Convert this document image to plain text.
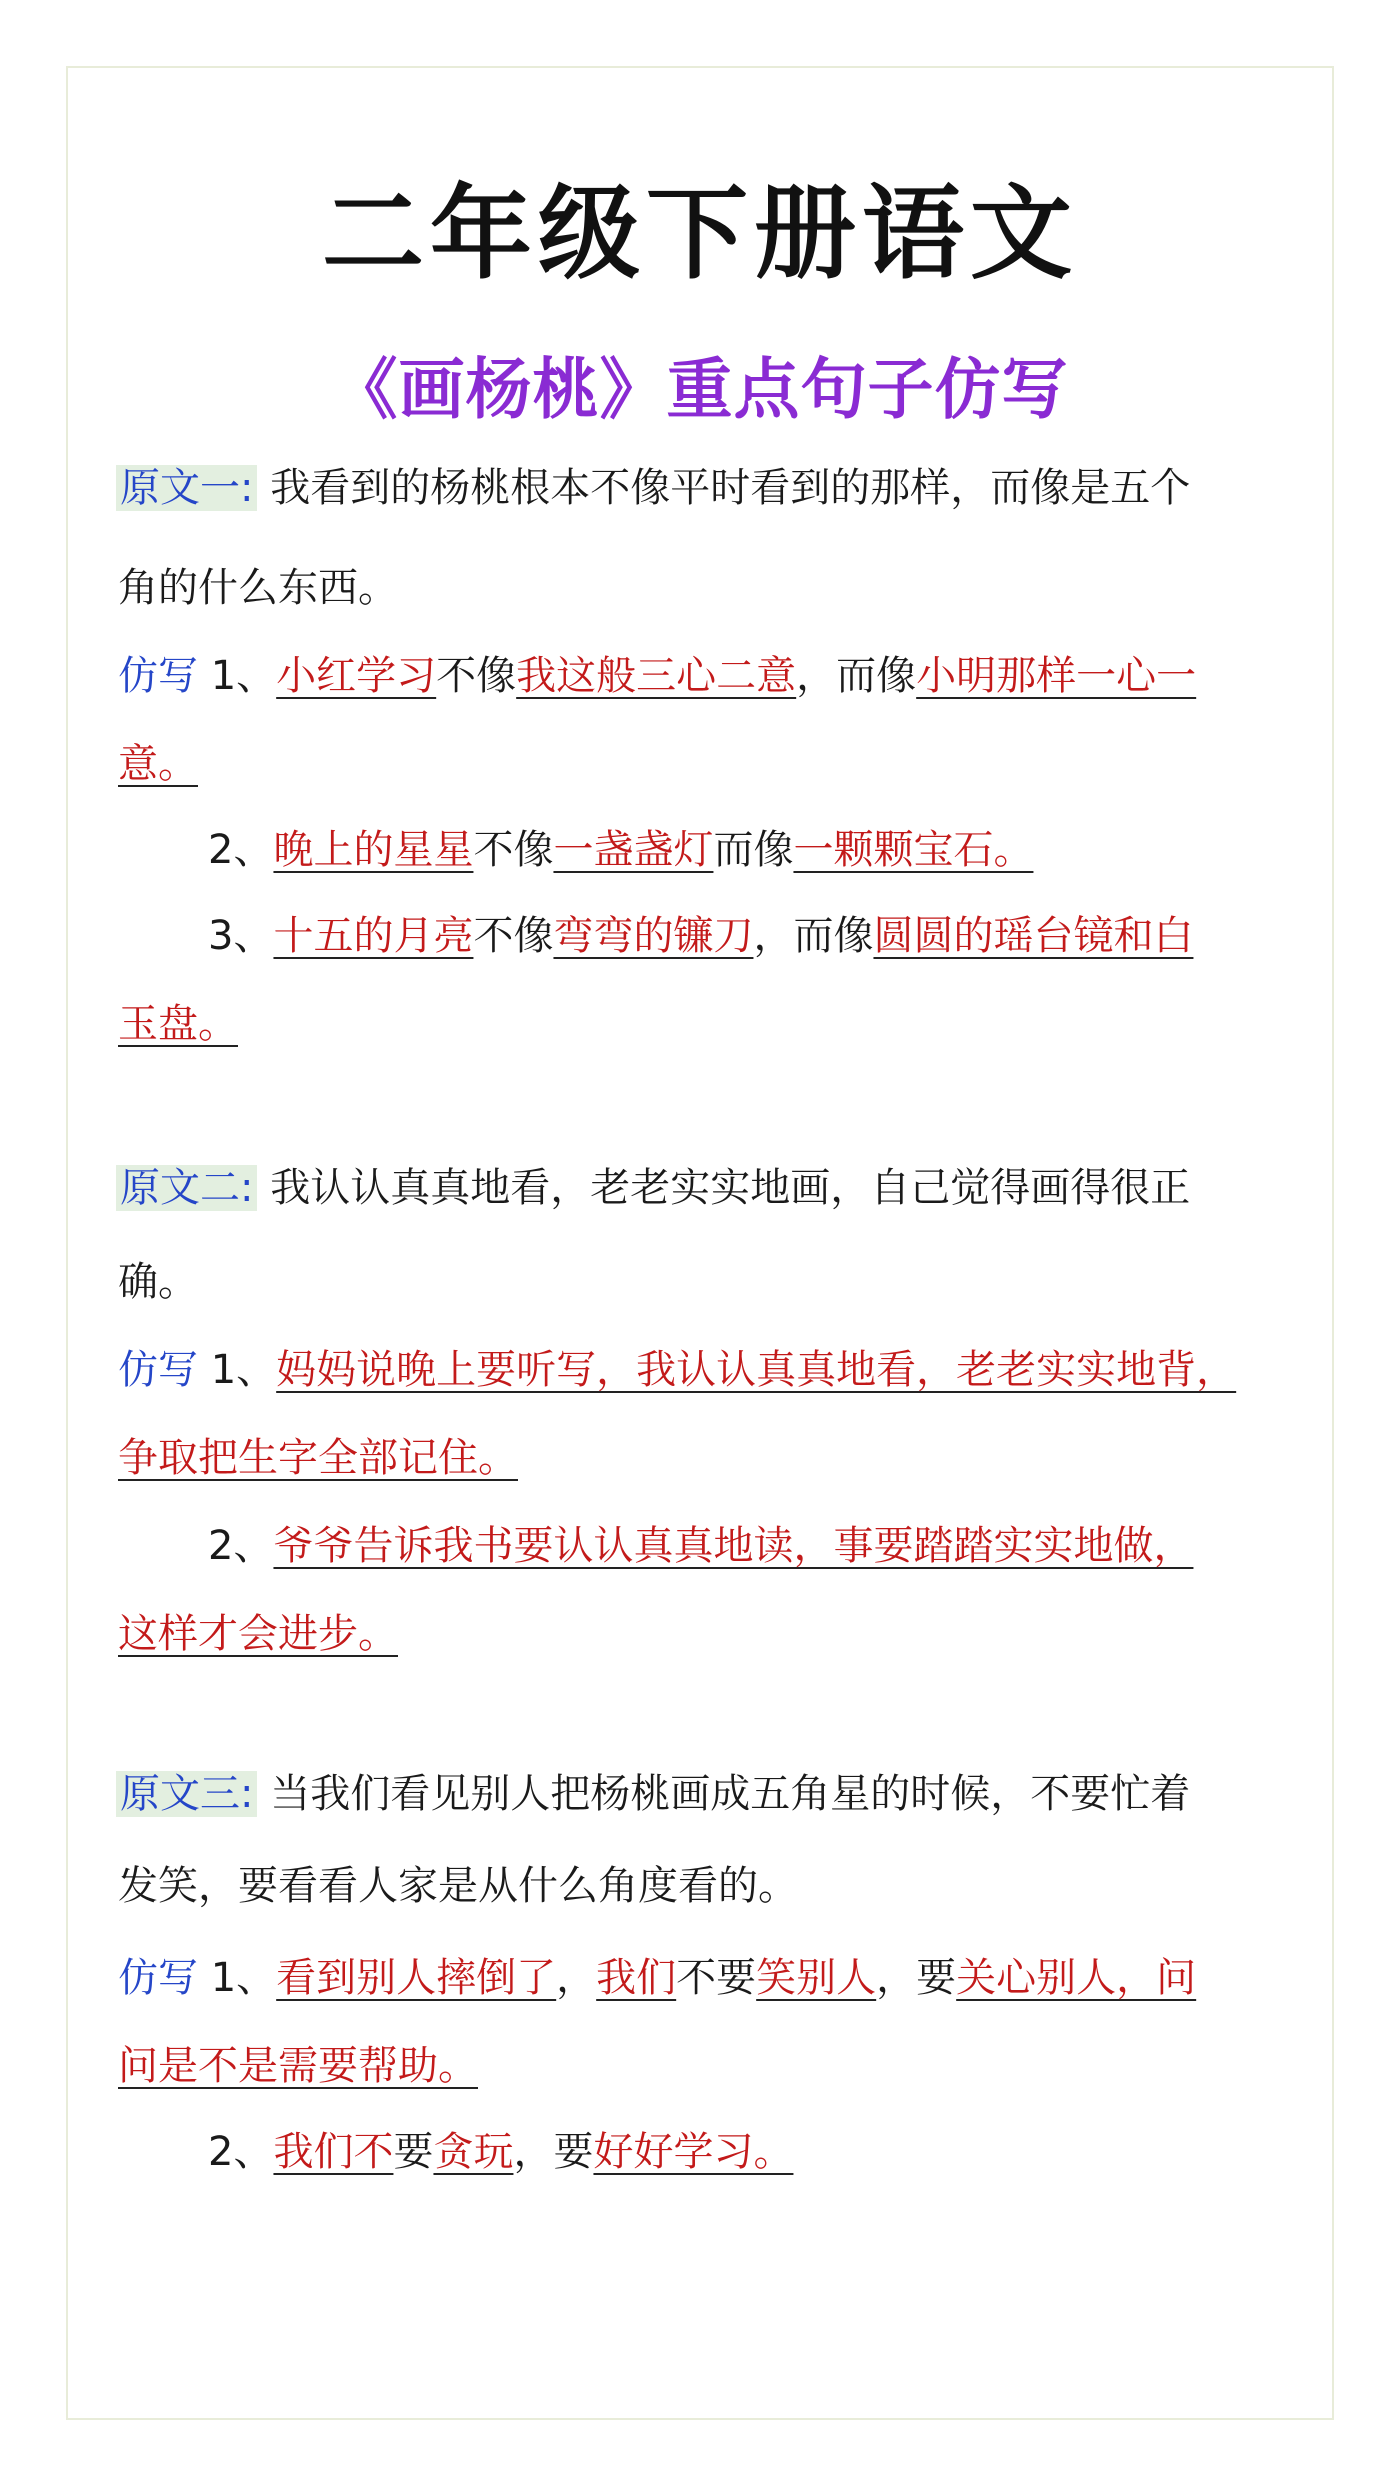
二年级下册语文
《画杨桃》重点句子仿写
原文一: 我看到的杨桃根本不像平时看到的那样，而像是五个
角的什么东西。
仿写 1、小红学习不像我这般三心二意，而像小明那样一心一
意。
2、晚上的星星不像一盏盏灯而像一颗颗宝石。
3、十五的月亮不像弯弯的镰刀，而像圆圆的瑶台镜和白
玉盘。
原文二: 我认认真真地看，老老实实地画，自己觉得画得很正
确。
仿写 1、妈妈说晚上要听写，我认认真真地看，老老实实地背，
争取把生字全部记住。
2、爷爷告诉我书要认认真真地读，事要踏踏实实地做，
这样才会进步。
原文三: 当我们看见别人把杨桃画成五角星的时候，不要忙着
发笑，要看看人家是从什么角度看的。
仿写 1、看到别人摔倒了，我们不要笑别人，要关心别人，问
问是不是需要帮助。
2、我们不要贪玩，要好好学习。
